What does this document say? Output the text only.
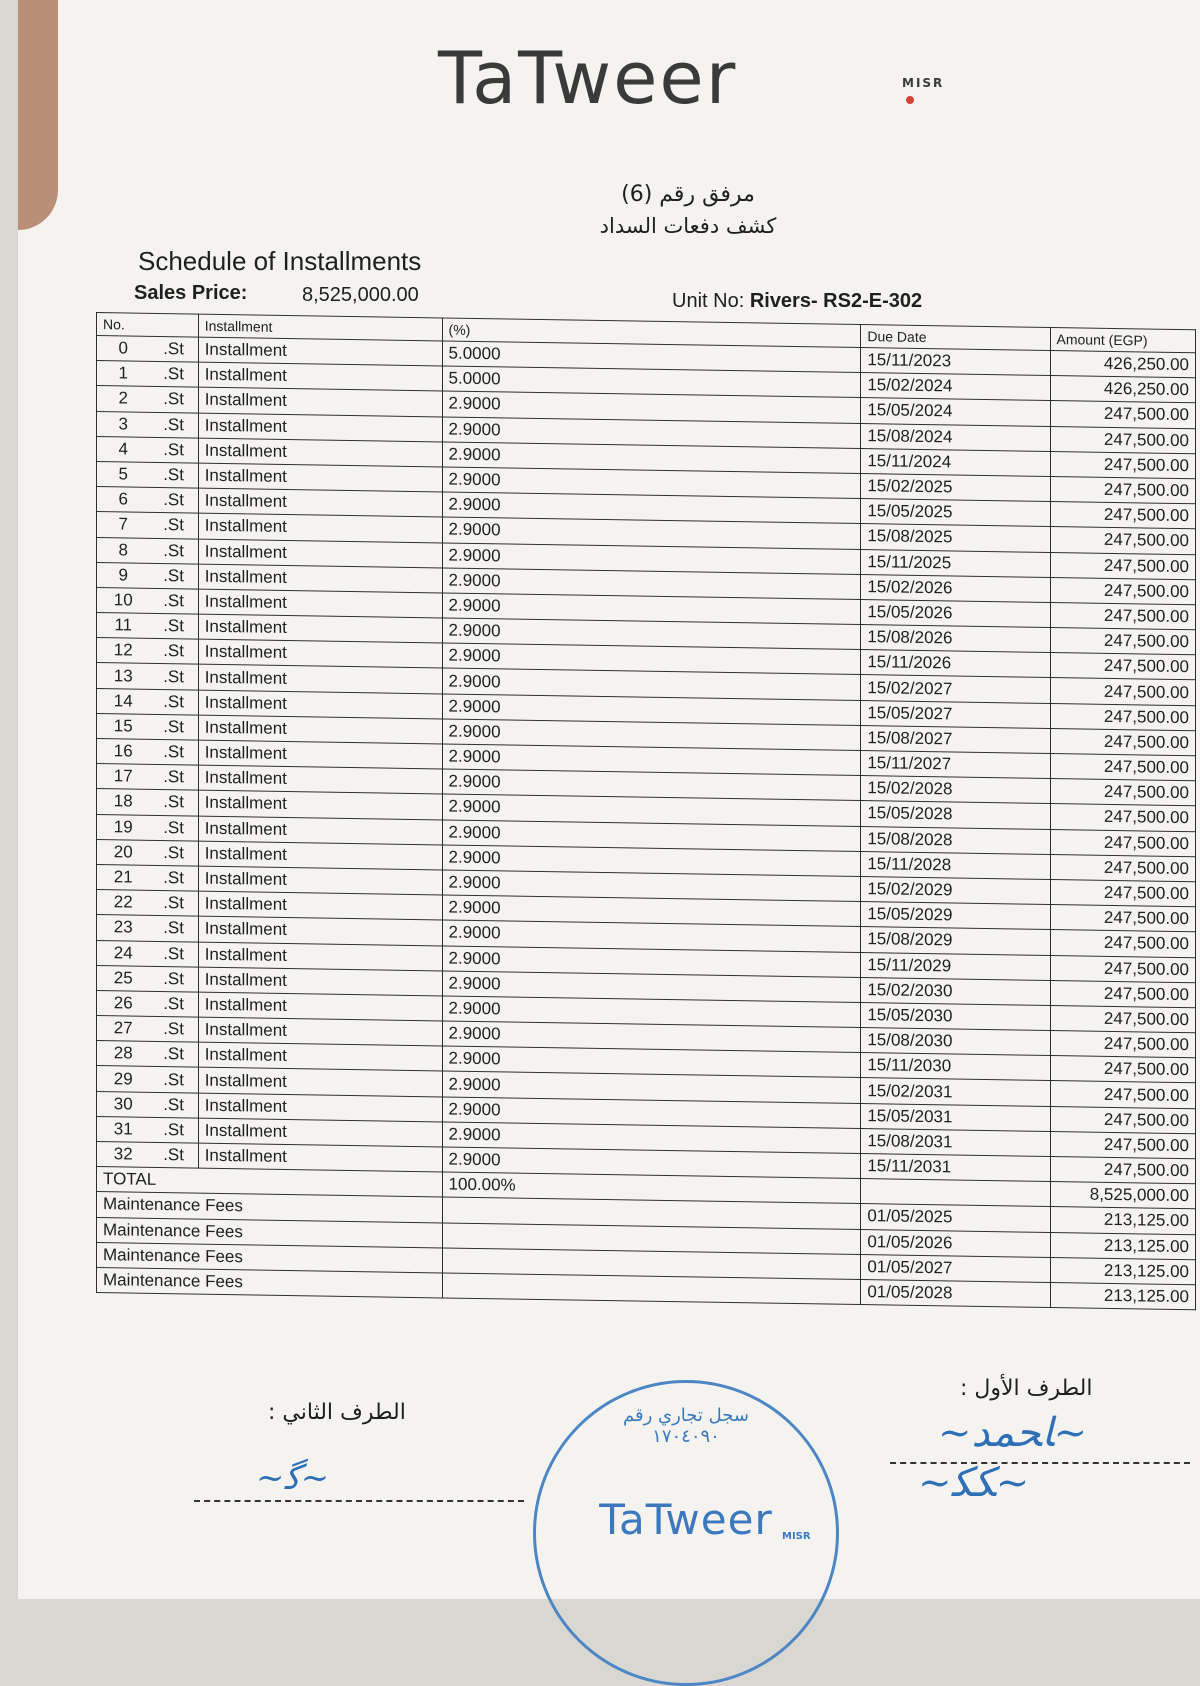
TaTweer	MISR
مرفق رقم (6)
كشف دفعات السداد
Schedule of Installments
Sales Price:	8,525,000.00	Unit No: Rivers- RS2-E-302
No.		Installment	(%)	Due Date	Amount (EGP)
0	.St	Installment	5.0000	15/11/2023	426,250.00
1	.St	Installment	5.0000	15/02/2024	426,250.00
2	.St	Installment	2.9000	15/05/2024	247,500.00
3	.St	Installment	2.9000	15/08/2024	247,500.00
4	.St	Installment	2.9000	15/11/2024	247,500.00
5	.St	Installment	2.9000	15/02/2025	247,500.00
6	.St	Installment	2.9000	15/05/2025	247,500.00
7	.St	Installment	2.9000	15/08/2025	247,500.00
8	.St	Installment	2.9000	15/11/2025	247,500.00
9	.St	Installment	2.9000	15/02/2026	247,500.00
10	.St	Installment	2.9000	15/05/2026	247,500.00
11	.St	Installment	2.9000	15/08/2026	247,500.00
12	.St	Installment	2.9000	15/11/2026	247,500.00
13	.St	Installment	2.9000	15/02/2027	247,500.00
14	.St	Installment	2.9000	15/05/2027	247,500.00
15	.St	Installment	2.9000	15/08/2027	247,500.00
16	.St	Installment	2.9000	15/11/2027	247,500.00
17	.St	Installment	2.9000	15/02/2028	247,500.00
18	.St	Installment	2.9000	15/05/2028	247,500.00
19	.St	Installment	2.9000	15/08/2028	247,500.00
20	.St	Installment	2.9000	15/11/2028	247,500.00
21	.St	Installment	2.9000	15/02/2029	247,500.00
22	.St	Installment	2.9000	15/05/2029	247,500.00
23	.St	Installment	2.9000	15/08/2029	247,500.00
24	.St	Installment	2.9000	15/11/2029	247,500.00
25	.St	Installment	2.9000	15/02/2030	247,500.00
26	.St	Installment	2.9000	15/05/2030	247,500.00
27	.St	Installment	2.9000	15/08/2030	247,500.00
28	.St	Installment	2.9000	15/11/2030	247,500.00
29	.St	Installment	2.9000	15/02/2031	247,500.00
30	.St	Installment	2.9000	15/05/2031	247,500.00
31	.St	Installment	2.9000	15/08/2031	247,500.00
32	.St	Installment	2.9000	15/11/2031	247,500.00
TOTAL			100.00%		8,525,000.00
Maintenance Fees				01/05/2025	213,125.00
Maintenance Fees				01/05/2026	213,125.00
Maintenance Fees				01/05/2027	213,125.00
Maintenance Fees				01/05/2028	213,125.00
الطرف الثاني :
~ﮔ~
سجل تجاري رقم ١٧٠٤٠٩٠
TaTweer MISR
الطرف الأول :
~ﺎﺤﻤﺪ~
~ﮑﮑ~
